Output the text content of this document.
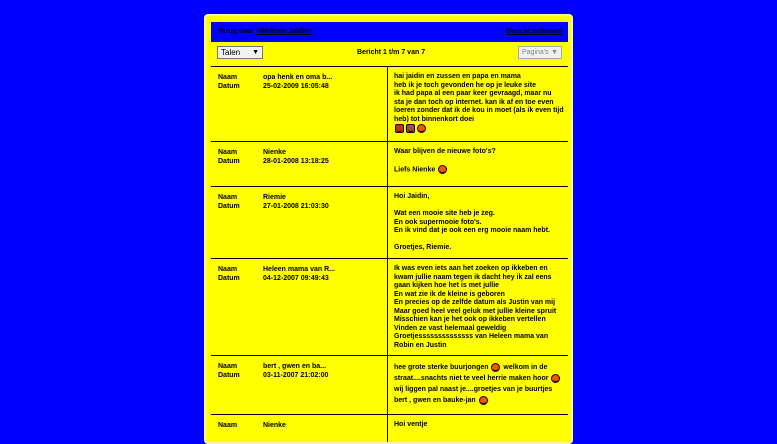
Terug naar <Welkom Jaidin>	Bericht schrijven
Talen ▼	Bericht 1 t/m 7 van 7	Pagina's ▼
Naam	opa henk en oma b...
Datum	25-02-2009 16:05:48

hai jaidin en zussen en papa en mama

heb ik je toch gevonden he op je leuke site

ik had papa al een paar keer gevraagd, maar nu

sta je dan toch op internet. kan ik af en toe even

loeren zonder dat ik de kou in moet (als ik even tijd

heb) tot binnenkort doei

Naam	Nienke
Datum	28-01-2008 13:18:25

Waar blijven de nieuwe foto's?

Liefs Nienke

Naam	Riemie
Datum	27-01-2008 21:03:30

Hoi Jaidin,

Wat een mooie site heb je zeg.

En ook supermooie foto's.

En ik vind dat je ook een erg mooie naam hebt.

Groetjes, Riemie.

Naam	Heleen mama van R...
Datum	04-12-2007 09:49:43

Ik was even iets aan het zoeken op ikkeben en

kwam jullie naam tegen ik dacht hey ik zal eens

gaan kijken hoe het is met jullie

En wat zie ik de kleine is geboren

En precies op de zelfde datum als Justin van mij

Maar goed heel veel geluk met jullie kleine spruit

Misschien kan je het ook op ikkeben vertellen

Vinden ze vast helemaal geweldig

Groetjessssssssssssss van Heleen mama van

Robin en Justin

Naam	bert , gwen en ba...
Datum	03-11-2007 21:02:00

hee grote sterke buurjongen  welkom in de

straat....snachts niet te veel herrie maken hoor

wij liggen pal naast je....groetjes van je buurtjes

bert , gwen en bauke-jan

Naam	Nienke	Hoi ventje
